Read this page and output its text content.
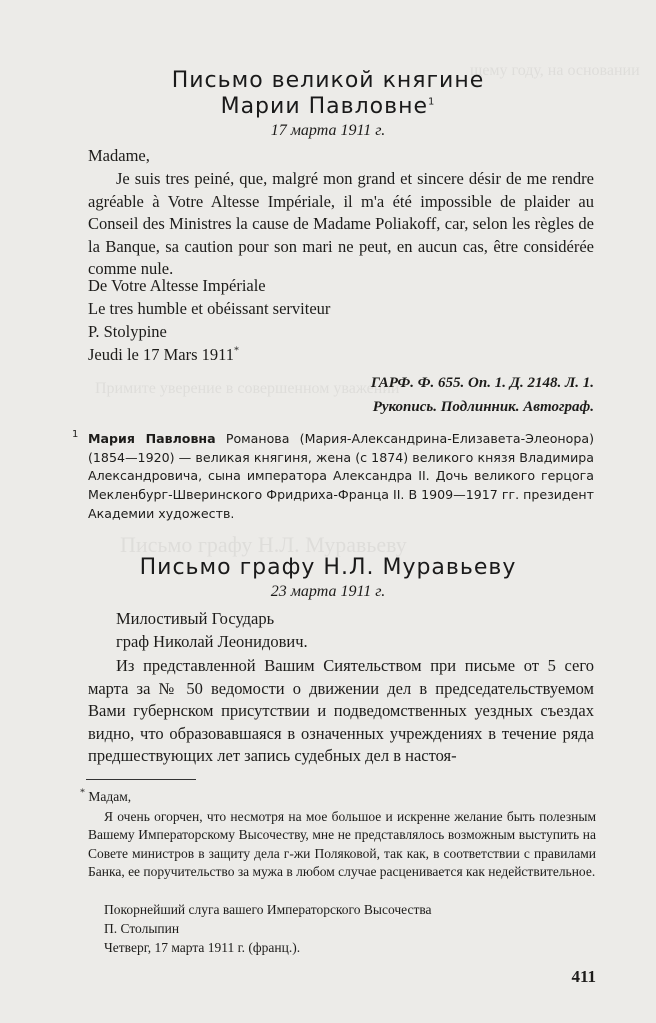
щему году, на основании
Примите уверение в совершенном уважении
Письмо графу Н.Л. Муравьеву
Письмо великой княгине
Марии Павловне$^1$
17 марта 1911 г.
Madame,
Je suis tres peiné, que, malgré mon grand et sincere désir de me rendre agréable à Votre Altesse Impériale, il m'a été impossible de plaider au Conseil des Ministres la cause de Madame Poliakoff, car, selon les règles de la Banque, sa caution pour son mari ne peut, en aucun cas, être considérée comme nule.
De Votre Altesse Impériale
Le tres humble et obéissant serviteur
P. Stolypine
Jeudi le 17 Mars 1911*
ГАРФ. Ф. 655. Оп. 1. Д. 2148. Л. 1.
Рукопись. Подлинник. Автограф.
1 Мария Павловна Романова (Мария-Александрина-Елизавета-Элеонора) (1854—1920) — великая княгиня, жена (с 1874) великого князя Владимира Александровича, сына императора Александра II. Дочь великого герцога Мекленбург-Шверинского Фридриха-Франца II. В 1909—1917 гг. президент Академии художеств.
Письмо графу Н.Л. Муравьеву
23 марта 1911 г.
Милостивый Государь
граф Николай Леонидович.
Из представленной Вашим Сиятельством при письме от 5 сего марта за № 50 ведомости о движении дел в председательствуемом Вами губернском присутствии и подведомственных уездных съездах видно, что образовавшаяся в означенных учреждениях в течение ряда предшествующих лет запись судебных дел в настоя-
* Мадам,
Я очень огорчен, что несмотря на мое большое и искренне желание быть полезным Вашему Императорскому Высочеству, мне не представлялось возможным выступить на Совете министров в защиту дела г-жи Поляковой, так как, в соответствии с правилами Банка, ее поручительство за мужа в любом случае расценивается как недействительное.
Покорнейший слуга вашего Императорского Высочества
П. Столыпин
Четверг, 17 марта 1911 г. (франц.).
411
